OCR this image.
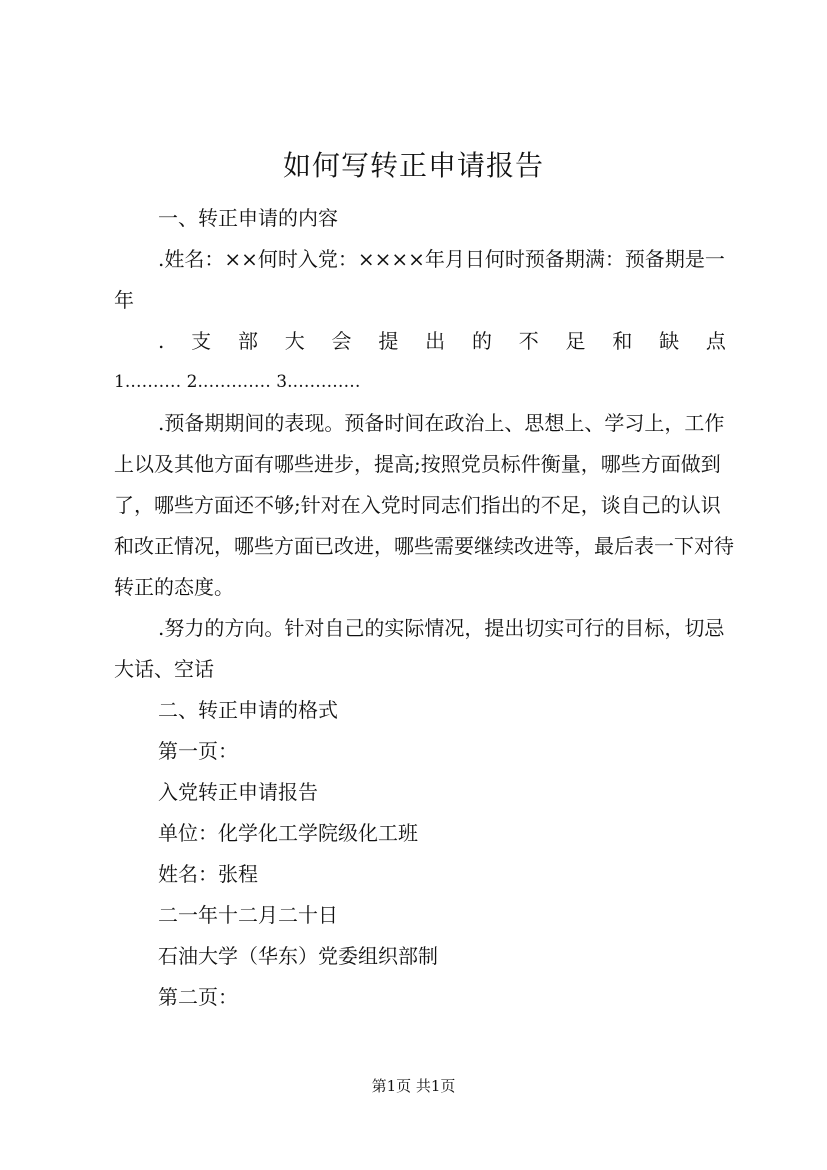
如何写转正申请报告

一、转正申请的内容

.姓名：××何时入党：××××年月日何时预备期满：预备期是一年

. 支 部 大 会 提 出 的 不 足 和 缺 点

1.……… 2.………… 3.…………

.预备期期间的表现。预备时间在政治上、思想上、学习上，工作上以及其他方面有哪些进步，提高;按照党员标件衡量，哪些方面做到了，哪些方面还不够;针对在入党时同志们指出的不足，谈自己的认识和改正情况，哪些方面已改进，哪些需要继续改进等，最后表一下对待转正的态度。

.努力的方向。针对自己的实际情况，提出切实可行的目标，切忌大话、空话

二、转正申请的格式

第一页：

入党转正申请报告

单位：化学化工学院级化工班

姓名：张程

二一年十二月二十日

石油大学（华东）党委组织部制

第二页：

第1页 共1页
